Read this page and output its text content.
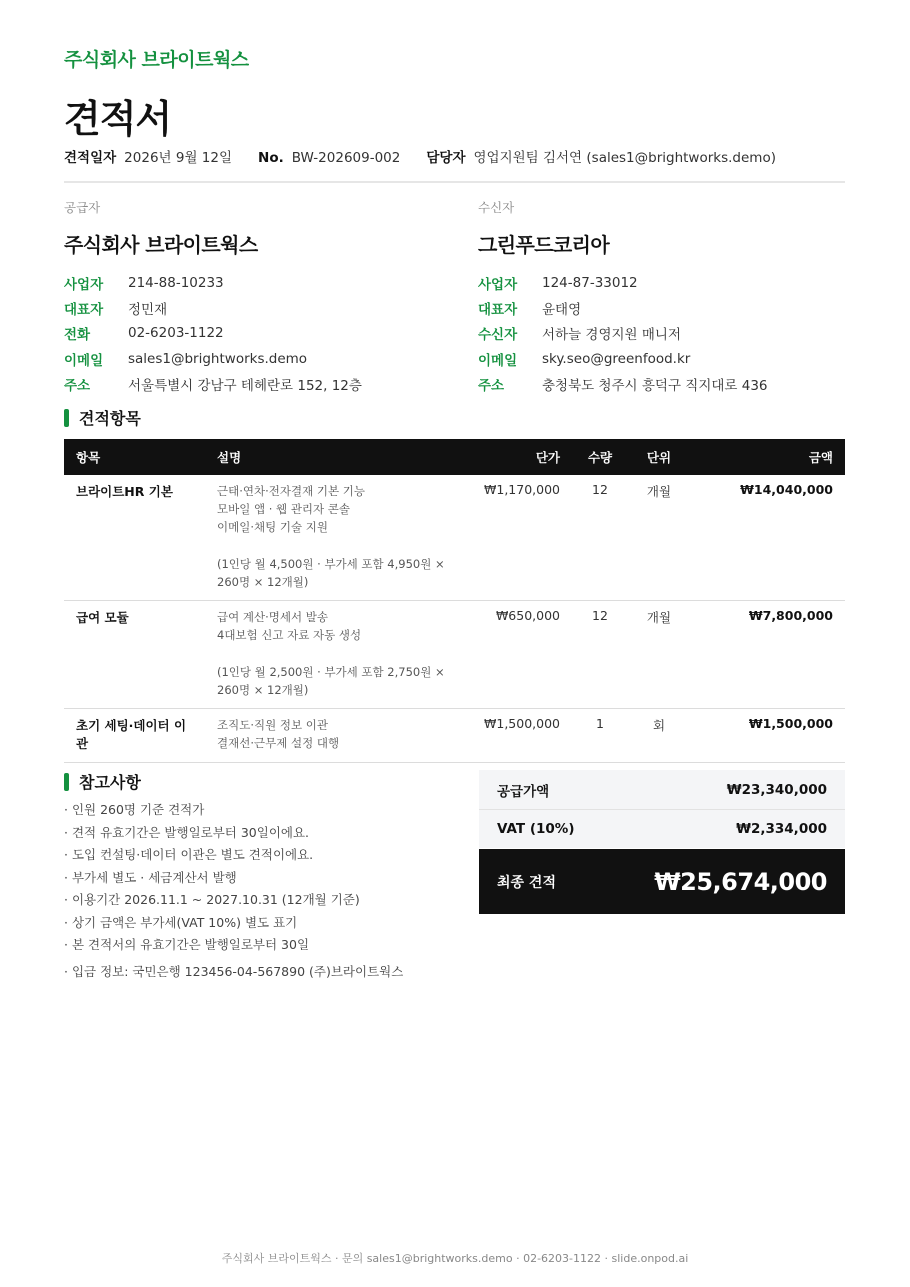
주식회사 브라이트웍스
견적서
견적일자 2026년 9월 12일 No. BW-202609-002 담당자 영업지원팀 김서연 (sales1@brightworks.demo)
공급자
주식회사 브라이트웍스
사업자	214-88-10233
대표자	정민재
전화	02-6203-1122
이메일	sales1@brightworks.demo
주소	서울특별시 강남구 테헤란로 152, 12층
수신자
그린푸드코리아
사업자	124-87-33012
대표자	윤태영
수신자	서하늘 경영지원 매니저
이메일	sky.seo@greenfood.kr
주소	충청북도 청주시 흥덕구 직지대로 436
견적항목
항목	설명	단가	수량	단위	금액
브라이트HR 기본	근태·연차·전자결재 기본 기능
모바일 앱 · 웹 관리자 콘솔
이메일·채팅 기술 지원
(1인당 월 4,500원 · 부가세 포함 4,950원 ×
260명 × 12개월)	₩1,170,000	12	개월	₩14,040,000
급여 모듈	급여 계산·명세서 발송
4대보험 신고 자료 자동 생성
(1인당 월 2,500원 · 부가세 포함 2,750원 ×
260명 × 12개월)	₩650,000	12	개월	₩7,800,000
초기 세팅·데이터 이관	조직도·직원 정보 이관
결재선·근무제 설정 대행	₩1,500,000	1	회	₩1,500,000
참고사항
· 인원 260명 기준 견적가
· 견적 유효기간은 발행일로부터 30일이에요.
· 도입 컨설팅·데이터 이관은 별도 견적이에요.
· 부가세 별도 · 세금계산서 발행
· 이용기간 2026.11.1 ~ 2027.10.31 (12개월 기준)
· 상기 금액은 부가세(VAT 10%) 별도 표기
· 본 견적서의 유효기간은 발행일로부터 30일
· 입금 정보: 국민은행 123456-04-567890 (주)브라이트웍스
공급가액	₩23,340,000
VAT (10%)	₩2,334,000
최종 견적	₩25,674,000
주식회사 브라이트웍스 · 문의 sales1@brightworks.demo · 02-6203-1122 · slide.onpod.ai
